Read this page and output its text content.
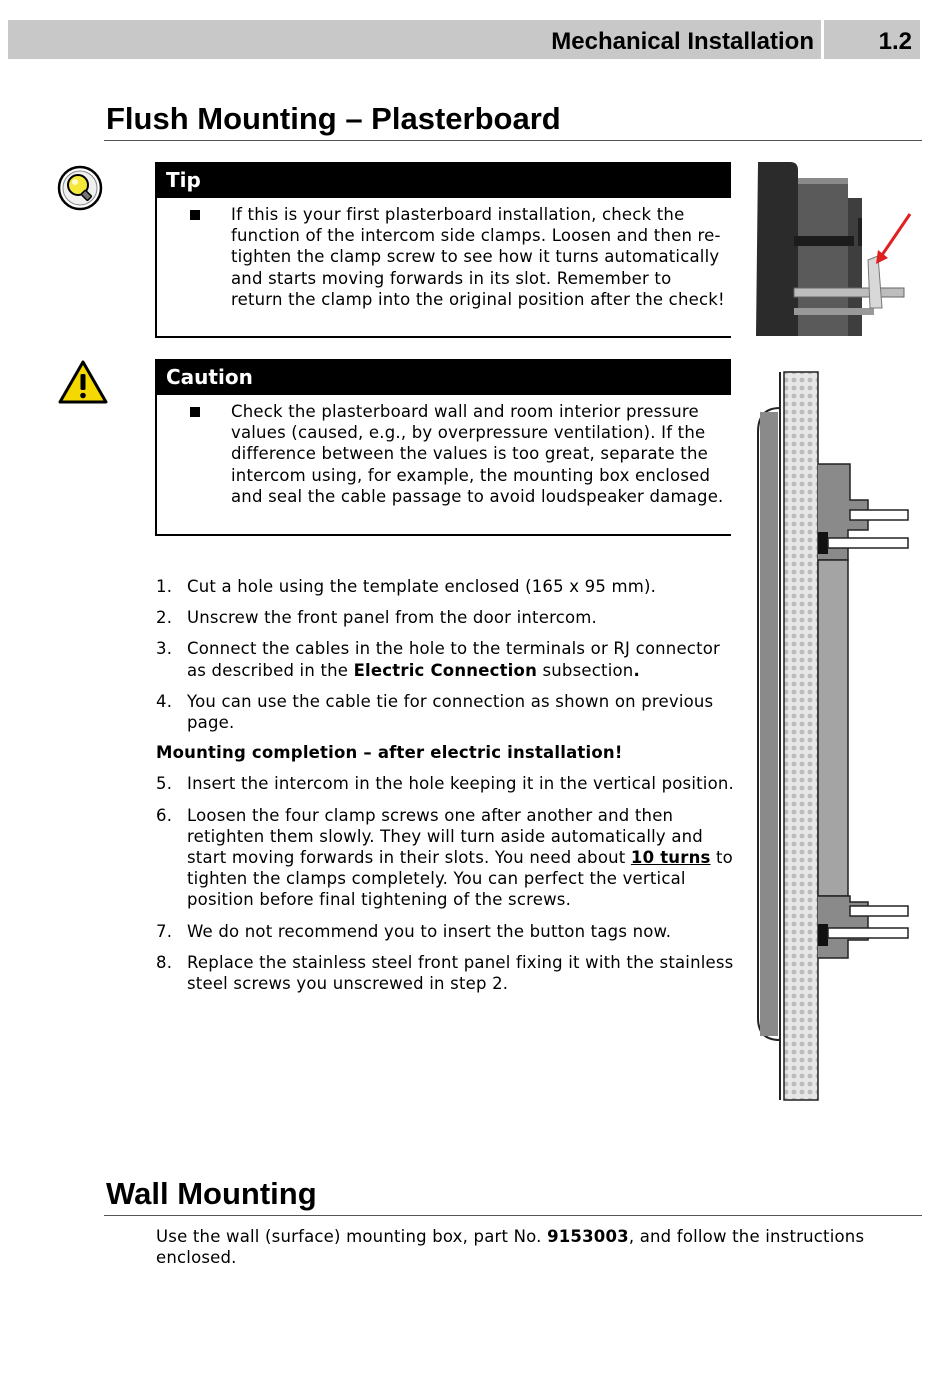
Mechanical Installation	1.2
Flush Mounting – Plasterboard
Tip
If this is your first plasterboard installation, check the function of the intercom side clamps. Loosen and then re-tighten the clamp screw to see how it turns automatically and starts moving forwards in its slot. Remember to return the clamp into the original position after the check!
Caution
Check the plasterboard wall and room interior pressure values (caused, e.g., by overpressure ventilation). If the difference between the values is too great, separate the intercom using, for example, the mounting box enclosed and seal the cable passage to avoid loudspeaker damage.
1. Cut a hole using the template enclosed (165 x 95 mm).
2. Unscrew the front panel from the door intercom.
3. Connect the cables in the hole to the terminals or RJ connector as described in the Electric Connection subsection.
4. You can use the cable tie for connection as shown on previous page.
Mounting completion – after electric installation!
5. Insert the intercom in the hole keeping it in the vertical position.
6. Loosen the four clamp screws one after another and then retighten them slowly. They will turn aside automatically and start moving forwards in their slots. You need about 10 turns to tighten the clamps completely. You can perfect the vertical position before final tightening of the screws.
7. We do not recommend you to insert the button tags now.
8. Replace the stainless steel front panel fixing it with the stainless steel screws you unscrewed in step 2.
Wall Mounting
Use the wall (surface) mounting box, part No. 9153003, and follow the instructions enclosed.
